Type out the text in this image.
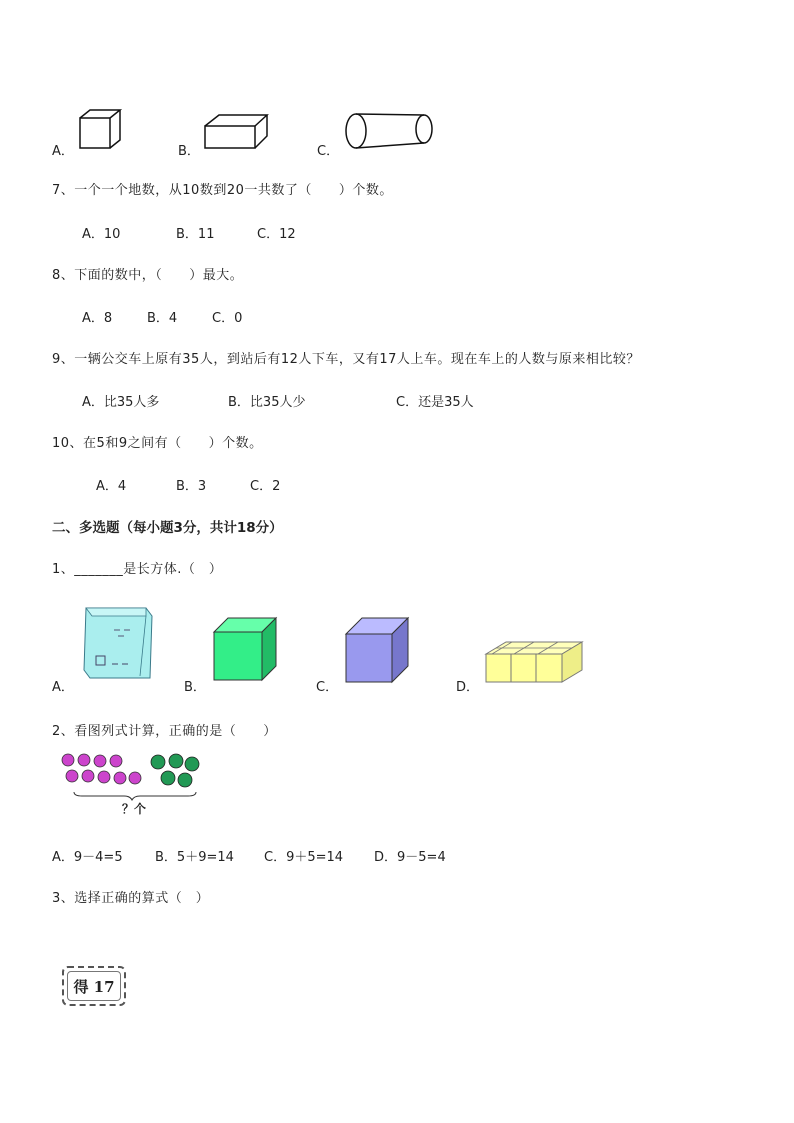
A．	B．	C．
7、一个一个地数，从10数到20一共数了（　　）个数。
A．10	B．11	C．12
8、下面的数中，（　　）最大。
A．8	B．4	C．0
9、一辆公交车上原有35人，到站后有12人下车，又有17人上车。现在车上的人数与原来相比较？
A．比35人多	B．比35人少	C．还是35人
10、在5和9之间有（　　）个数。
A．4	B．3	C．2
二、多选题（每小题3分，共计18分）
1、_______是长方体.（　）
A．	B．	C．	D．
2、看图列式计算，正确的是（　　）
？个
A．9－4=5 B．5＋9=14 C．9＋5=14 D．9－5=4
3、选择正确的算式（　）
得 17
